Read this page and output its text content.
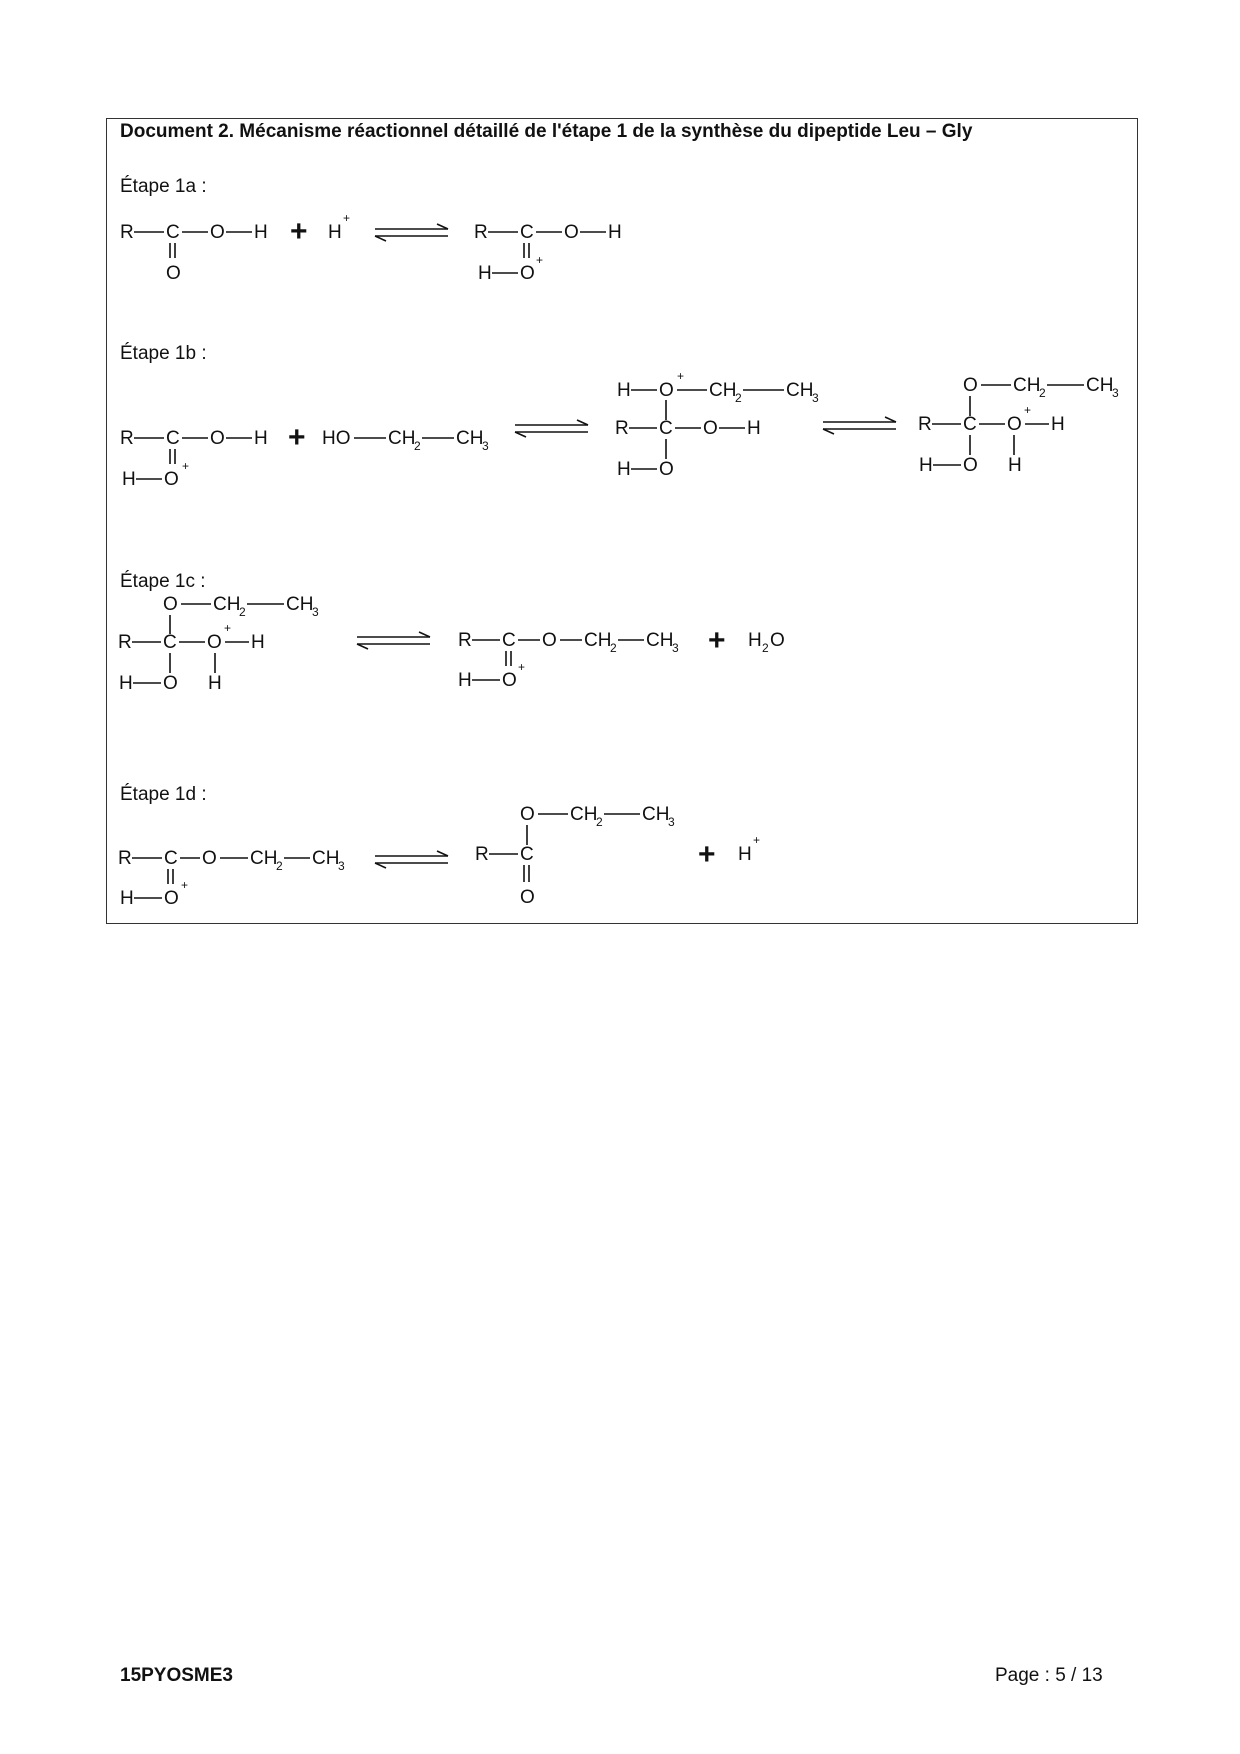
Document 2. Mécanisme réactionnel détaillé de l'étape 1 de la synthèse du dipeptide Leu – Gly
Étape 1a :
Étape 1b :
Étape 1c :
Étape 1d :
R C O H
O
+ H
+
R C O H
H O
+
R C O H
H O
+
+ HO CH
2 CH
3
H O
+
CH
2 CH
3
R C O H
H O
O CH
2 CH
3
R C O
+
H
H O H
O CH
2 CH
3
R C O
+
H
H O H
R C O CH
2 CH
3
H O
+
+ H 2 O
R C O CH
2 CH
3
H O
+
O CH
2 CH
3
R C
O
+ H
+
15PYOSME3	Page : 5 / 13
